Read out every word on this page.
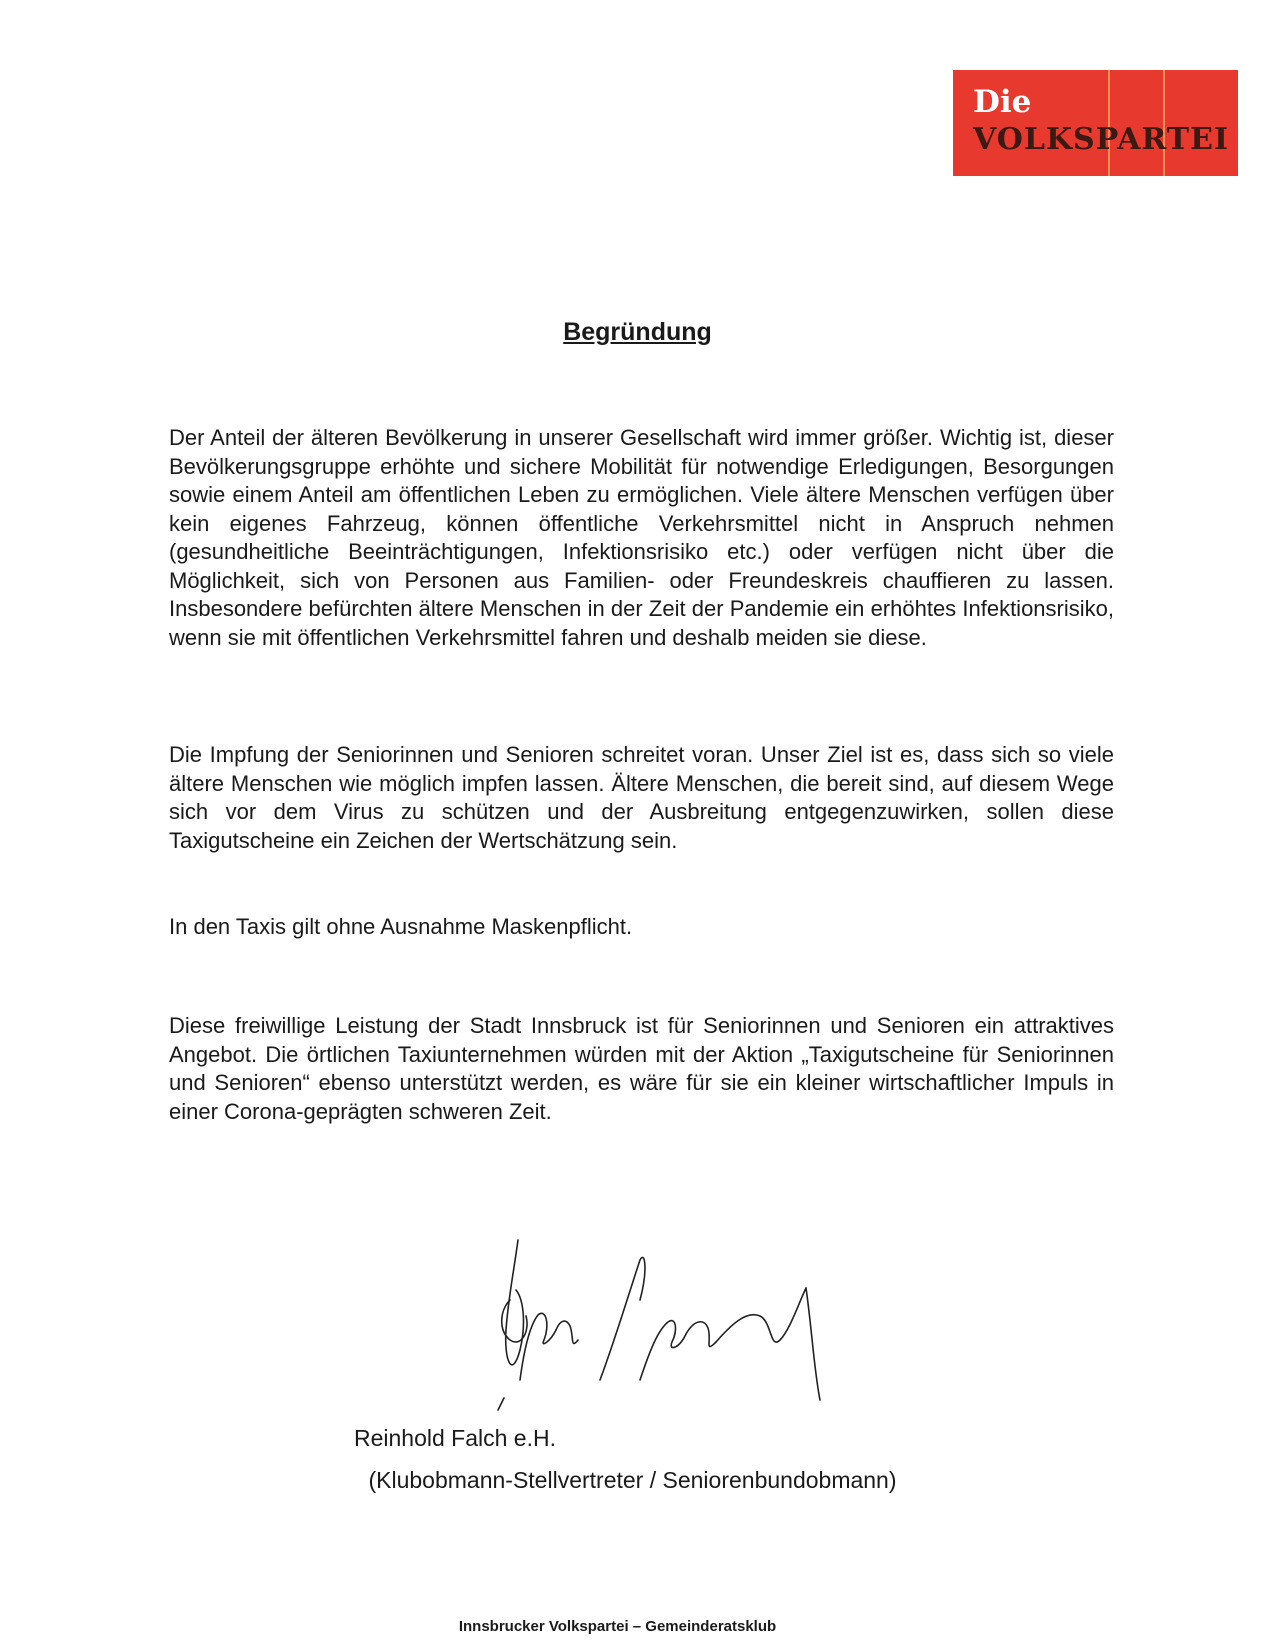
Die
VOLKSPARTEI
Begründung
Der Anteil der älteren Bevölkerung in unserer Gesellschaft wird immer größer. Wichtig ist, dieser Bevölkerungsgruppe erhöhte und sichere Mobilität für notwendige Erledigungen, Besorgungen sowie einem Anteil am öffentlichen Leben zu ermöglichen. Viele ältere Menschen verfügen über kein eigenes Fahrzeug, können öffentliche Verkehrsmittel nicht in Anspruch nehmen (gesundheitliche Beeinträchtigungen, Infektionsrisiko etc.) oder verfügen nicht über die Möglichkeit, sich von Personen aus Familien- oder Freundeskreis chauffieren zu lassen. Insbesondere befürchten ältere Menschen in der Zeit der Pandemie ein erhöhtes Infektionsrisiko, wenn sie mit öffentlichen Verkehrsmittel fahren und deshalb meiden sie diese.
Die Impfung der Seniorinnen und Senioren schreitet voran. Unser Ziel ist es, dass sich so viele ältere Menschen wie möglich impfen lassen. Ältere Menschen, die bereit sind, auf diesem Wege sich vor dem Virus zu schützen und der Ausbreitung entgegenzuwirken, sollen diese Taxigutscheine ein Zeichen der Wertschätzung sein.
In den Taxis gilt ohne Ausnahme Maskenpflicht.
Diese freiwillige Leistung der Stadt Innsbruck ist für Seniorinnen und Senioren ein attraktives Angebot. Die örtlichen Taxiunternehmen würden mit der Aktion „Taxigutscheine für Seniorinnen und Senioren“ ebenso unterstützt werden, es wäre für sie ein kleiner wirtschaftlicher Impuls in einer Corona-geprägten schweren Zeit.
Reinhold Falch e.H.
(Klubobmann-Stellvertreter / Seniorenbundobmann)
Innsbrucker Volkspartei – Gemeinderatsklub
